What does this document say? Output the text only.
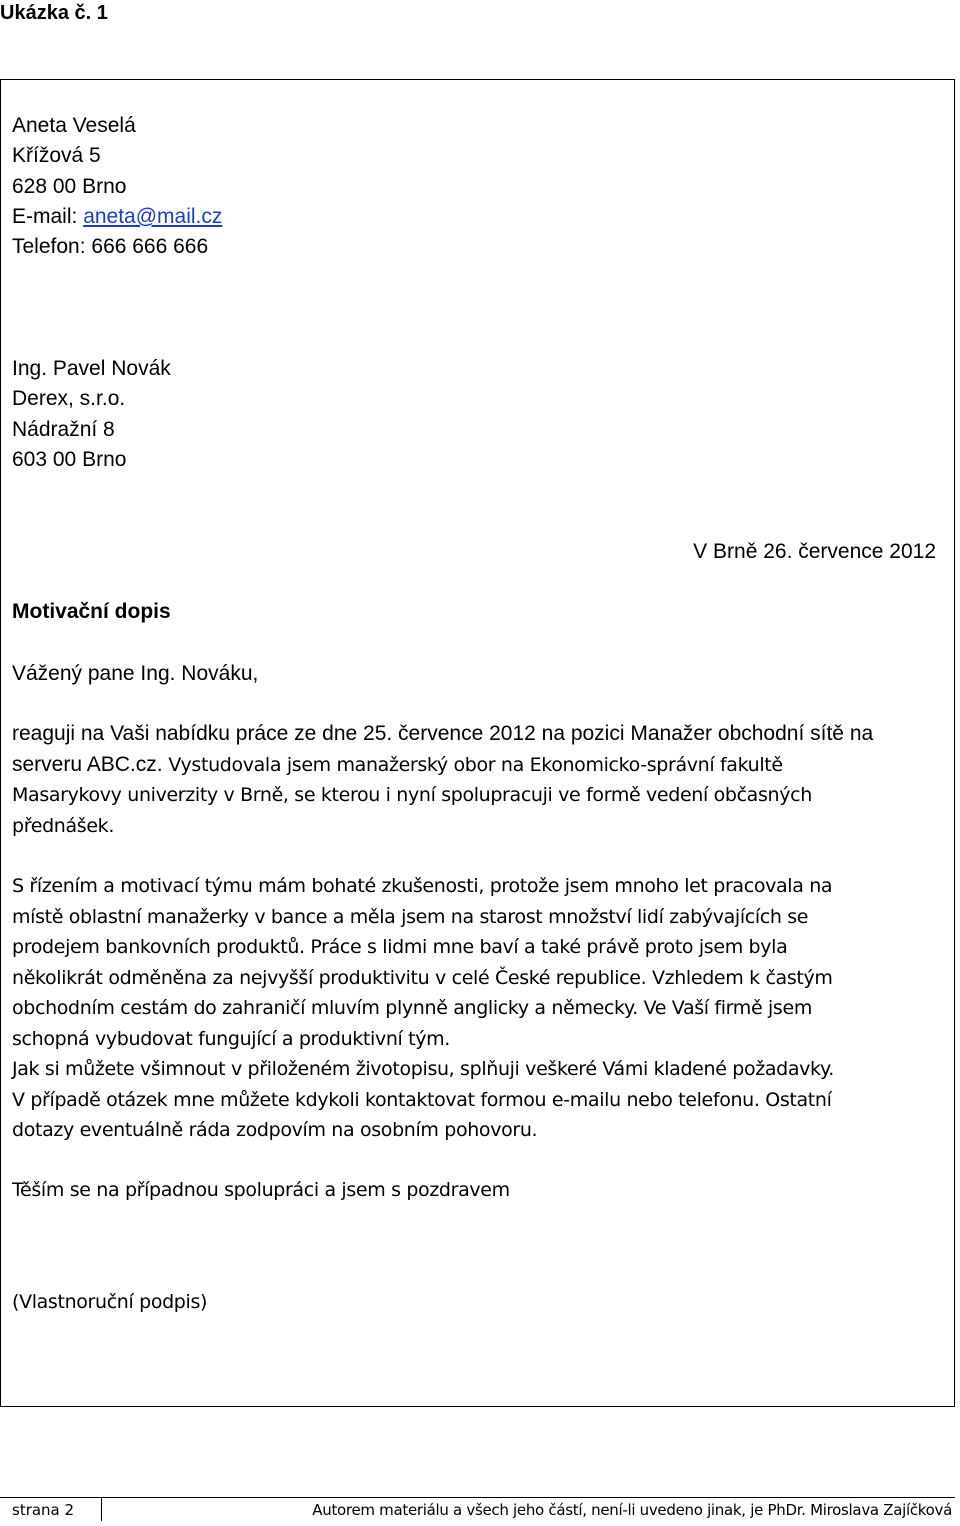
Ukázka č. 1
Aneta Veselá
Křížová 5
628 00 Brno
E-mail: aneta@mail.cz
Telefon: 666 666 666
Ing. Pavel Novák
Derex, s.r.o.
Nádražní 8
603 00 Brno
V Brně 26. července 2012
Motivační dopis
Vážený pane Ing. Nováku,
reaguji na Vaši nabídku práce ze dne 25. července 2012 na pozici Manažer obchodní sítě na
serveru ABC.cz. Vystudovala jsem manažerský obor na Ekonomicko-správní fakultě
Masarykovy univerzity v Brně, se kterou i nyní spolupracuji ve formě vedení občasných
přednášek.
S řízením a motivací týmu mám bohaté zkušenosti, protože jsem mnoho let pracovala na
místě oblastní manažerky v bance a měla jsem na starost množství lidí zabývajících se
prodejem bankovních produktů. Práce s lidmi mne baví a také právě proto jsem byla
několikrát odměněna za nejvyšší produktivitu v celé České republice. Vzhledem k častým
obchodním cestám do zahraničí mluvím plynně anglicky a německy. Ve Vaší firmě jsem
schopná vybudovat fungující a produktivní tým.
Jak si můžete všimnout v přiloženém životopisu, splňuji veškeré Vámi kladené požadavky.
V případě otázek mne můžete kdykoli kontaktovat formou e-mailu nebo telefonu. Ostatní
dotazy eventuálně ráda zodpovím na osobním pohovoru.
Těším se na případnou spolupráci a jsem s pozdravem
(Vlastnoruční podpis)
strana 2	Autorem materiálu a všech jeho částí, není-li uvedeno jinak, je PhDr. Miroslava Zajíčková
